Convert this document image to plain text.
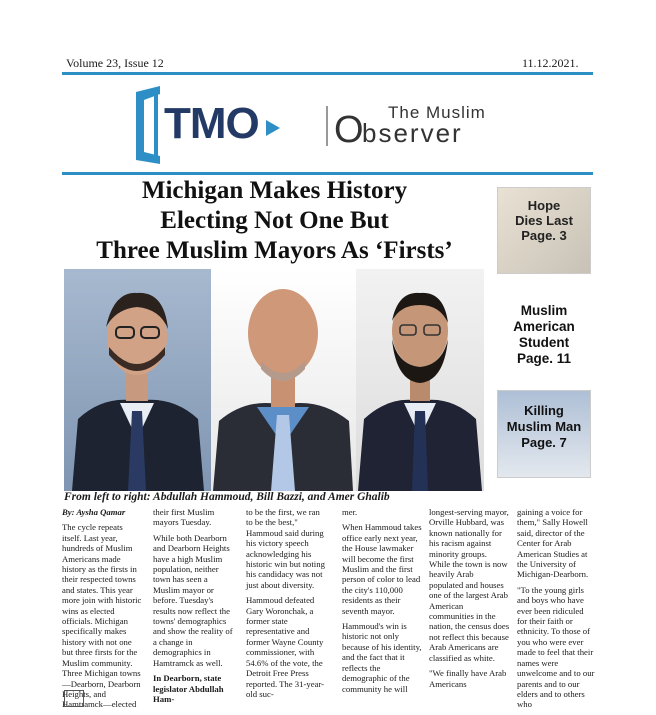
Volume 23, Issue 12	11.12.2021.
TMO O The Muslim
bserver
Michigan Makes History
Electing Not One But
Three Muslim Mayors As ‘Firsts’
From left to right: Abdullah Hammoud, Bill Bazzi, and Amer Ghalib
Hope
Dies Last
Page. 3
Muslim
American
Student
Page. 11
Killing
Muslim Man
Page. 7

By: Aysha Qamar

The cycle repeats itself. Last year, hundreds of Muslim Americans made history as the firsts in their respected towns and states. This year more join with historic wins as elected officials. Michigan specifically makes history with not one but three firsts for the Muslim community. Three Michigan towns—Dearborn, Dearborn Heights, and Hamtramck—elected

their first Muslim mayors Tuesday.

While both Dearborn and Dearborn Heights have a high Muslim population, neither town has seen a Muslim mayor or before. Tuesday's results now reflect the towns' demographics and show the reality of a change in demographics in Hamtramck as well.

In Dearborn, state legislator Abdullah Ham-

to be the first, we ran to be the best," Hammoud said during his victory speech acknowledging his historic win but noting his candidacy was not just about diversity.

Hammoud defeated Gary Woronchak, a former state representative and former Wayne County commissioner, with 54.6% of the vote, the Detroit Free Press reported. The 31-year-old suc-

mer.

When Hammoud takes office early next year, the House lawmaker will become the first Muslim and the first person of color to lead the city's 110,000 residents as their seventh mayor.

Hammoud's win is historic not only because of his identity, and the fact that it reflects the demographic of the community he will

longest-serving mayor, Orville Hubbard, was known nationally for his racism against minority groups. While the town is now heavily Arab populated and houses one of the largest Arab American communities in the nation, the census does not reflect this because Arab Americans are classified as white.

"We finally have Arab Americans

gaining a voice for them," Sally Howell said, director of the Center for Arab American Studies at the University of Michigan-Dearborn.

"To the young girls and boys who have ever been ridiculed for their faith or ethnicity. To those of you who were ever made to feel that their names were unwelcome and to our parents and to our elders and to others who
